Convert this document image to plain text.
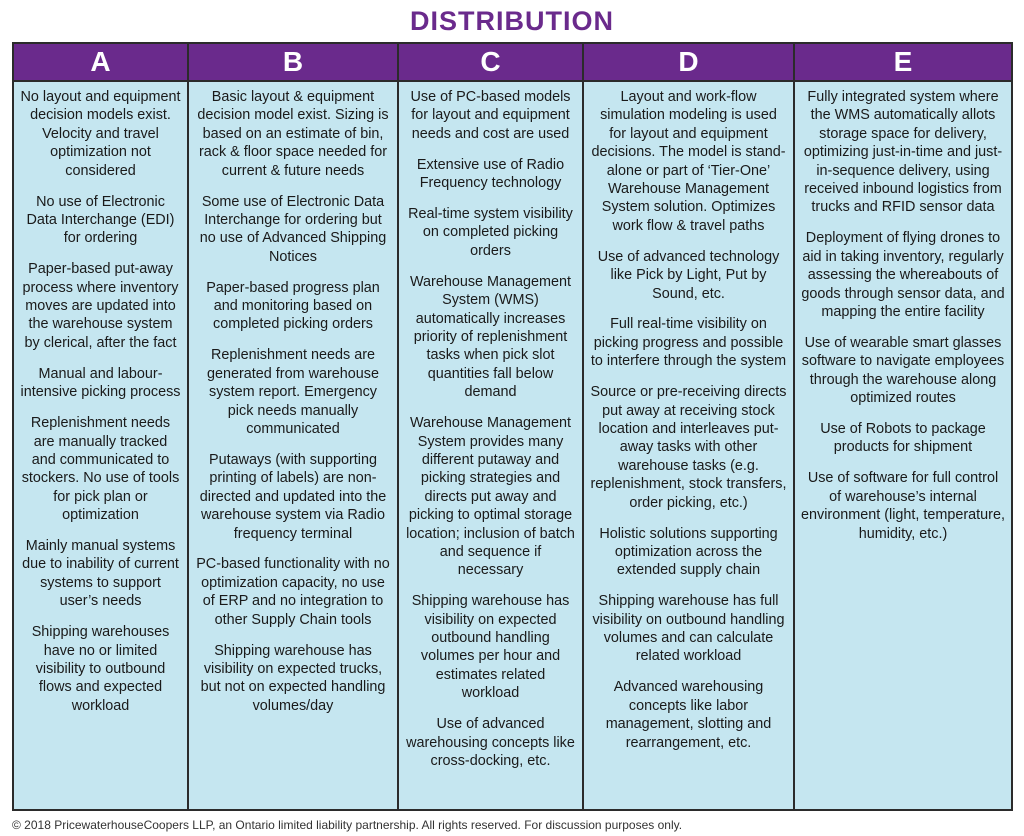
DISTRIBUTION
A

No layout and equipment decision models exist. Velocity and travel optimization not considered

No use of Electronic Data Interchange (EDI) for ordering

Paper-based put-away process where inventory moves are updated into the warehouse system by clerical, after the fact

Manual and labour-intensive picking process

Replenishment needs are manually tracked and communicated to stockers. No use of tools for pick plan or optimization

Mainly manual systems due to inability of current systems to support user’s needs

Shipping warehouses have no or limited visibility to outbound flows and expected workload

B

Basic layout & equipment decision model exist. Sizing is based on an estimate of bin, rack & floor space needed for current & future needs

Some use of Electronic Data Interchange for ordering but no use of Advanced Shipping Notices

Paper-based progress plan and monitoring based on completed picking orders

Replenishment needs are generated from warehouse system report. Emergency pick needs manually communicated

Putaways (with supporting printing of labels) are non-directed and updated into the warehouse system via Radio frequency terminal

PC-based functionality with no optimization capacity, no use of ERP and no integration to other Supply Chain tools

Shipping warehouse has visibility on expected trucks, but not on expected handling volumes/day

C

Use of PC-based models for layout and equipment needs and cost are used

Extensive use of Radio Frequency technology

Real-time system visibility on completed picking orders

Warehouse Management System (WMS) automatically increases priority of replenishment tasks when pick slot quantities fall below demand

Warehouse Management System provides many different putaway and picking strategies and directs put away and picking to optimal storage location; inclusion of batch and sequence if necessary

Shipping warehouse has visibility on expected outbound handling volumes per hour and estimates related workload

Use of advanced warehousing concepts like cross-docking, etc.

D

Layout and work-flow simulation modeling is used for layout and equipment decisions. The model is stand-alone or part of ‘Tier-One’ Warehouse Management System solution. Optimizes work flow & travel paths

Use of advanced technology like Pick by Light, Put by Sound, etc.

Full real-time visibility on picking progress and possible to interfere through the system

Source or pre-receiving directs put away at receiving stock location and interleaves put-away tasks with other warehouse tasks (e.g. replenishment, stock transfers, order picking, etc.)

Holistic solutions supporting optimization across the extended supply chain

Shipping warehouse has full visibility on outbound handling volumes and can calculate related workload

Advanced warehousing concepts like labor management, slotting and rearrangement, etc.

E

Fully integrated system where the WMS automatically allots storage space for delivery, optimizing just-in-time and just-in-sequence delivery, using received inbound logistics from trucks and RFID sensor data

Deployment of flying drones to aid in taking inventory, regularly assessing the whereabouts of goods through sensor data, and mapping the entire facility

Use of wearable smart glasses software to navigate employees through the warehouse along optimized routes

Use of Robots to package products for shipment

Use of software for full control of warehouse’s internal environment (light, temperature, humidity, etc.)

© 2018 PricewaterhouseCoopers LLP, an Ontario limited liability partnership. All rights reserved. For discussion purposes only.
